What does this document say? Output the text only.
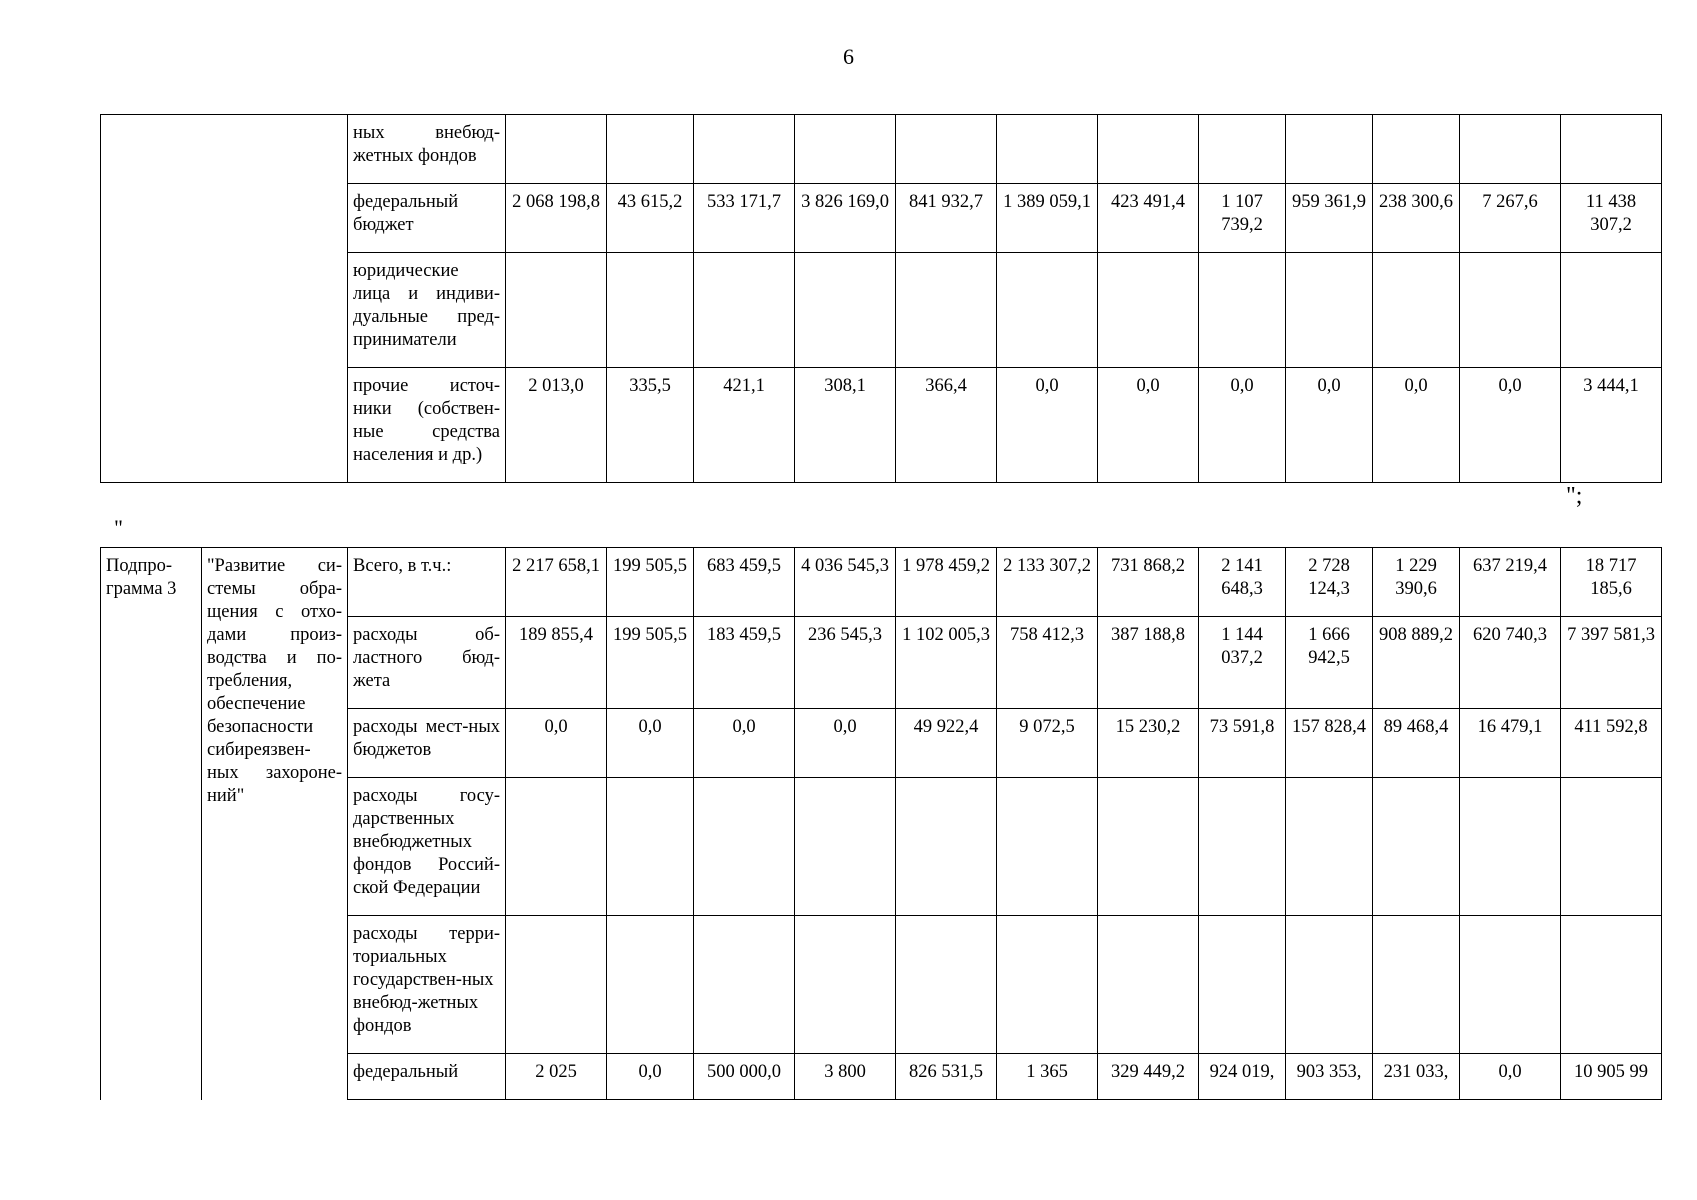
6
	ных внебюд-жетных фондов												
	федеральный бюджет	2 068 198,8	43 615,2	533 171,7	3 826 169,0	841 932,7	1 389 059,1	423 491,4	1 107 739,2	959 361,9	238 300,6	7 267,6	11 438 307,2
	юридические лица и индиви-дуальные пред-приниматели												
	прочие источ-ники (собствен-ные средства населения и др.)	2 013,0	335,5	421,1	308,1	366,4	0,0	0,0	0,0	0,0	0,0	0,0	3 444,1
";
"
Подпро-грамма 3	"Развитие си-стемы обра-щения с отхо-дами произ-водства и по-требления, обеспечение безопасности сибиреязвен-ных захороне-ний"	Всего, в т.ч.:	2 217 658,1	199 505,5	683 459,5	4 036 545,3	1 978 459,2	2 133 307,2	731 868,2	2 141 648,3	2 728 124,3	1 229 390,6	637 219,4	18 717 185,6
		расходы об-ластного бюд-жета	189 855,4	199 505,5	183 459,5	236 545,3	1 102 005,3	758 412,3	387 188,8	1 144 037,2	1 666 942,5	908 889,2	620 740,3	7 397 581,3
		расходы мест-ных бюджетов	0,0	0,0	0,0	0,0	49 922,4	9 072,5	15 230,2	73 591,8	157 828,4	89 468,4	16 479,1	411 592,8
		расходы госу-дарственных внебюджетных фондов Россий-ской Федерации												
		расходы терри-ториальных государствен-ных внебюд-жетных фондов												
		федеральный	2 025	0,0	500 000,0	3 800	826 531,5	1 365	329 449,2	924 019,	903 353,	231 033,	0,0	10 905 99
